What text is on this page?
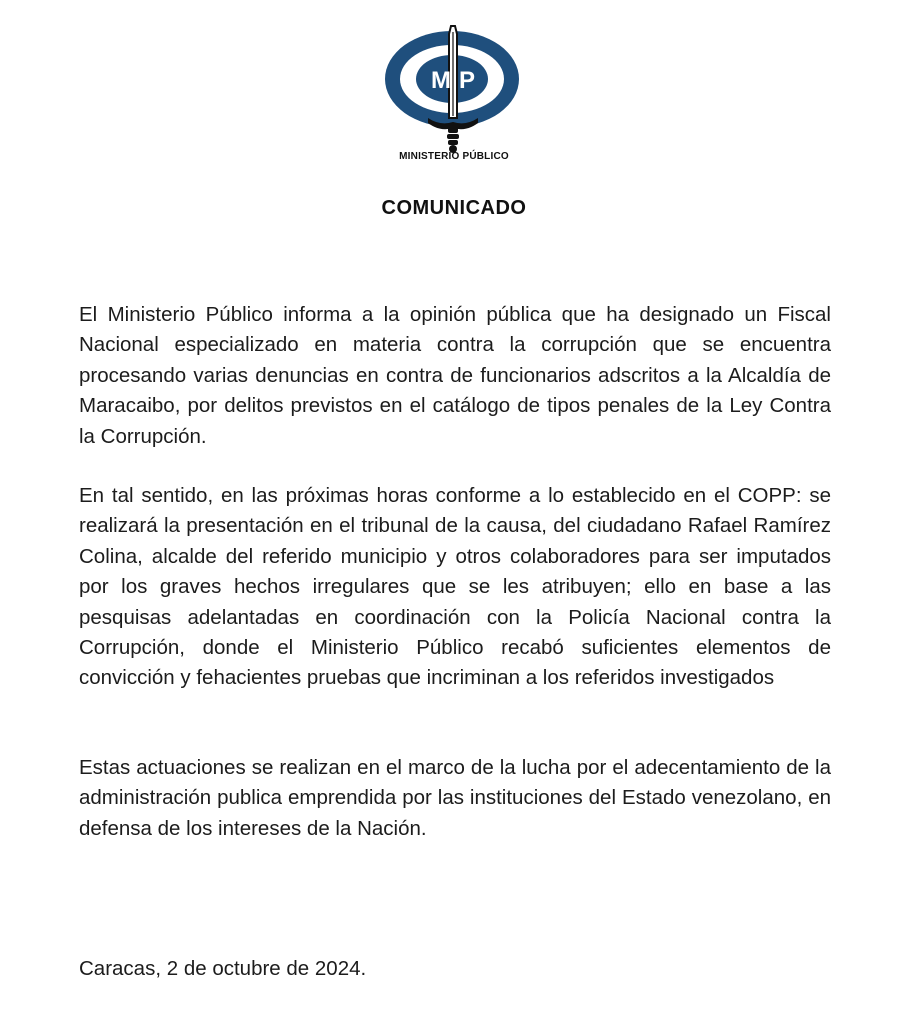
M P
MINISTERIO PÚBLICO
COMUNICADO

El Ministerio Público informa a la opinión pública que ha designado un Fiscal Nacional especializado en materia contra la corrupción que se encuentra procesando varias denuncias en contra de funcionarios adscritos a la Alcaldía de Maracaibo, por delitos previstos en el catálogo de tipos penales de la Ley Contra la Corrupción.

En tal sentido, en las próximas horas conforme a lo establecido en el COPP: se realizará la presentación en el tribunal de la causa, del ciudadano Rafael Ramírez Colina, alcalde del referido municipio y otros colaboradores para ser imputados por los graves hechos irregulares que se les atribuyen; ello en base a las pesquisas adelantadas en coordinación con la Policía Nacional contra la Corrupción, donde el Ministerio Público recabó suficientes elementos de convicción y fehacientes pruebas que incriminan a los referidos investigados

Estas actuaciones se realizan en el marco de la lucha por el adecentamiento de la administración publica emprendida por las instituciones del Estado venezolano, en defensa de los intereses de la Nación.

Caracas, 2 de octubre de 2024.
